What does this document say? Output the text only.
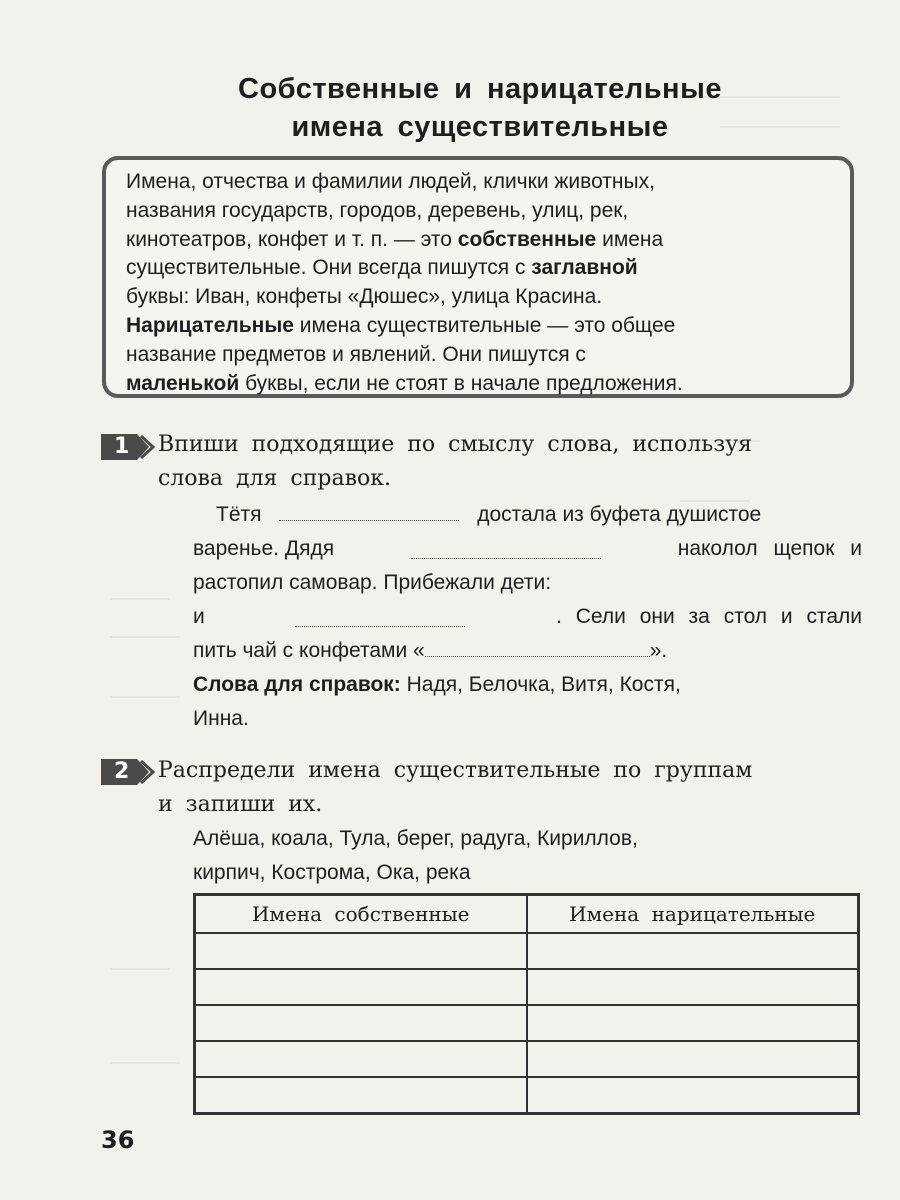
Собственные и нарицательные
имена существительные
Имена, отчества и фамилии людей, клички животных,
названия государств, городов, деревень, улиц, рек,
кинотеатров, конфет и т. п. — это собственные имена
существительные. Они всегда пишутся с заглавной
буквы: Иван, конфеты «Дюшес», улица Красина.
Нарицательные имена существительные — это общее
название предметов и явлений. Они пишутся с
маленькой буквы, если не стоят в начале предложения.
1 Впиши подходящие по смыслу слова, используя
слова для справок.
Тётя	достала из буфета душистое
варенье. Дядя	наколол щепок и
растопил самовар. Прибежали дети:
и	. Сели они за стол и стали
пить чай с конфетами «	».
Слова для справок: Надя, Белочка, Витя, Костя,
Инна.
2 Распредели имена существительные по группам
и запиши их.
Алёша, коала, Тула, берег, радуга, Кириллов,
кирпич, Кострома, Ока, река
Имена собственные	Имена нарицательные

36
